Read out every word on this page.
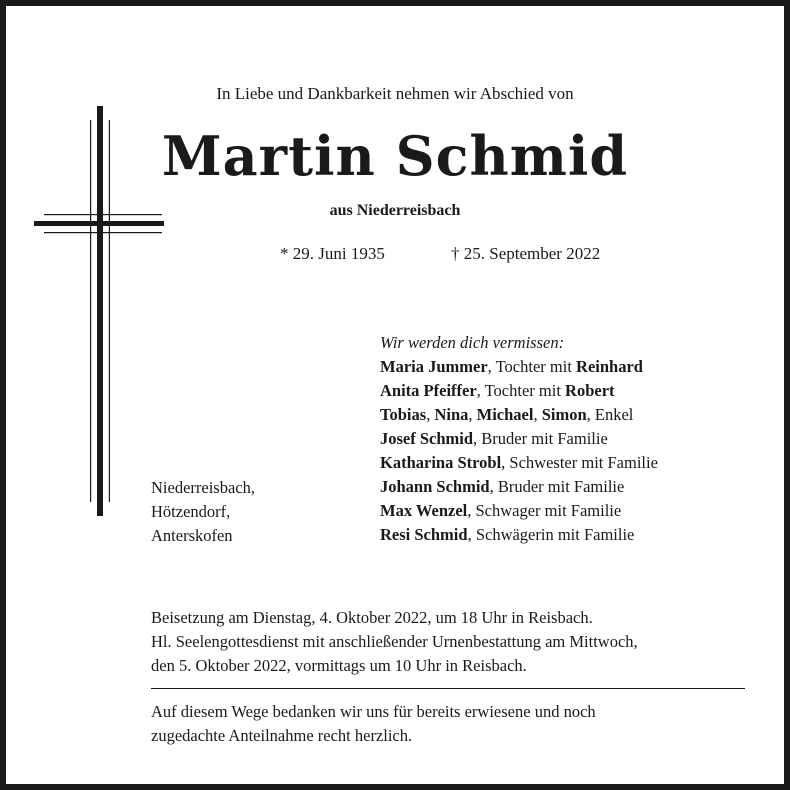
In Liebe und Dankbarkeit nehmen wir Abschied von
Martin Schmid
aus Niederreisbach
* 29. Juni 1935	† 25. September 2022
Wir werden dich vermissen:
Maria Jummer, Tochter mit Reinhard
Anita Pfeiffer, Tochter mit Robert
Tobias, Nina, Michael, Simon, Enkel
Josef Schmid, Bruder mit Familie
Katharina Strobl, Schwester mit Familie
Johann Schmid, Bruder mit Familie
Max Wenzel, Schwager mit Familie
Resi Schmid, Schwägerin mit Familie
Niederreisbach,
Hötzendorf,
Anterskofen
Beisetzung am Dienstag, 4. Oktober 2022, um 18 Uhr in Reisbach.
Hl. Seelengottesdienst mit anschließender Urnenbestattung am Mittwoch,
den 5. Oktober 2022, vormittags um 10 Uhr in Reisbach.
Auf diesem Wege bedanken wir uns für bereits erwiesene und noch
zugedachte Anteilnahme recht herzlich.
